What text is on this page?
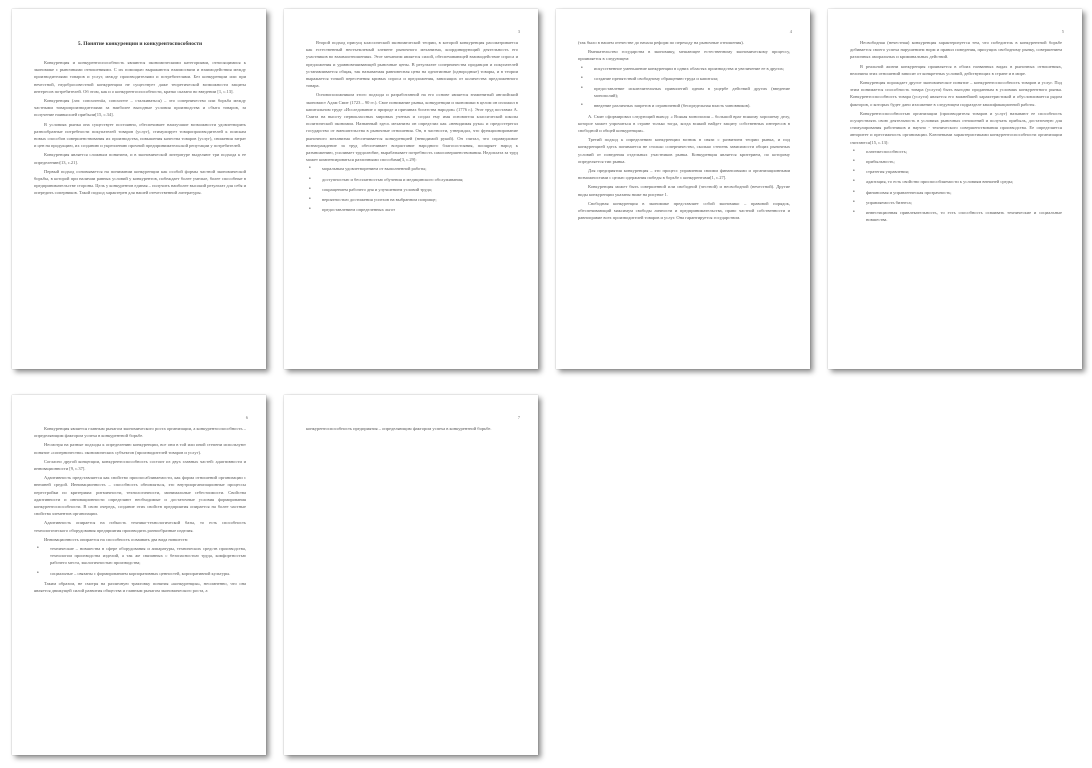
5. Понятие конкуренции и конкурентоспособности

Конкуренция и конкурентоспособность являются экономическими категориями, относящимися к экономике с рыночными отношениями. С их помощью выражаются взаимосвязи и взаимодействия между производителями товаров и услуг, между производителями и потребителями. Без конкуренции или при нечестной, недобросовестной конкуренции не существует даже теоретической возможности защиты интересов потребителей. Об этом, как и о конкурентоспособности, кратко сказано во введении [1, с.13].

Конкуренция (лат. concurrentia, concurrere – сталкиваться) – это соперничество или борьба между частными товаропроизводителями за наиболее выгодные условия производства и сбыта товаров, за получение наивысшей прибыли[15, с.34].

В условиях рынка она существует постоянно, обеспечивает наилучшие возможности удовлетворить разнообразные потребности покупателей товаров (услуг), стимулирует товаропроизводителей к поискам новых способов совершенствования их производства, повышения качества товаров (услуг), снижения затрат и цен на продукцию, их созданию и укреплению прочной предпринимательской репутации у потребителей.

Конкуренция является сложным понятием, и в экономической литературе выделяют три подхода к ее определению[13, с.21].

Первый подход основывается на понимании конкуренции как особой формы частной экономической борьбы, в которой при наличии равных условий у конкурентов, побеждает более умелые, более способные в предпринимательстве стороны. Цель у конкурентов единая – получить наиболее высокий результат для себя и опередить соперников. Такой подход характерен для нашей отечественной литературы.

3

Второй подход присущ классической экономической теории, в которой конкуренция рассматривается как естественный неотъемлемый элемент рыночного механизма, координирующий деятельность его участников во взаимоотношениях. Этот механизм является силой, обеспечивающей взаимодействие спроса и предложения и уравновешивающей рыночные цены. В результате соперничества продавцов и покупателей устанавливается общая, так называемая равновесная цена на однотипные (однородные) товары, и в теории выражается точкой пересечения кривых спроса и предложения, зависящих от количества предложенного товара.

Основоположником этого подхода и разработанной на его основе является знаменитый английский экономист Адам Смит (1723 – 90 гг.). Свое понимание рынка, конкуренции и экономики в целом он изложил в капитальном труде «Исследование о природе и причинах богатства народов» (1776 г.). Этот труд поставил А. Смита на высоту первоклассных мировых ученых и создал ему имя основателя классической школы политической экономии. Названный здесь механизм он определил как «невидимая рука» и предостерегал государство от вмешательства в рыночные отношения. Он, в частности, утверждал, что функционирование рыночного механизма обеспечивается конкуренцией (невидимой рукой). Он считал, что справедливое вознаграждение за труд обеспечивает возрастание народного благосостояния, поощряет народ к размножению, усиливает трудолюбие, вырабатывает потребность самосовершенствования. Недоплата за труд может компенсироваться различными способами[3, с.29]:

• моральным удовлетворением от выполненной работы;
• доступностью и бесплатностью обучения и медицинского обслуживания;
• сокращением рабочего дня и улучшением условий труда;
• вероятностью достижения успехов на выбранном поприще;
• предоставлением определенных льгот
4

(так было в нашем отечестве до начала реформ по переходу на рыночные отношения).

Вмешательство государства в экономику, мешающее естественному экономическому процессу, проявляется в следующем:

• искусственное уменьшение конкуренции в одних областях производства и увеличение ее в других;
• создание препятствий свободному обращению труда и капитала;
• предоставление исключительных привилегий одним в ущербе действий других (введение монополий);
• введение различных запретов и ограничений (беспредельная власть чиновников).

А. Смит сформировал следующий вывод: « Всякая монополия – большой враг всякому хорошему делу, которое может упрочиться в стране только тогда, когда всякий найдет защиту собственных интересов в свободной и общей конкуренции».

Третий подход к определению конкуренции возник в связи с развитием теории рынка, и под конкуренцией здесь понимается не столько соперничество, сколько степень зависимости общих рыночных условий от поведения отдельных участников рынка. Конкуренция является критерием, по которому определяется тип рынка.

Для предприятия конкуренция – это процесс управления своими финансовыми и организационными возможностями с целью одержания победы в борьбе с конкурентами[1, с.27].

Конкуренция может быть совершенной или свободной (честной) и несвободной (нечестной). Другие виды конкуренции указаны ниже на рисунке 1.

Свободная конкуренция в экономике представляет собой экономико – правовой порядок, обеспечивающий максимум свободы личности и предпринимательства, право частной собственности и равноправие всех производителей товаров и услуг. Она гарантируется государством.

5

Несвободная (нечестная) конкуренция характеризуется тем, что победитель в конкурентной борьбе добивается своего успеха нарушением норм и правил поведения, присущих свободному рынку, совершением различных аморальных и криминальных действий.

В реальной жизни конкуренция проявляется в обоих названных видах в рыночных отношениях, величина этих отношений зависит от конкретных условий, действующих в стране и в мире.

Конкуренция порождает другое экономическое понятие – конкурентоспособность товаров и услуг. Под этим понимается способность товара (услуги) быть выгодно проданным в условиях конкурентного рынка. Конкурентоспособность товара (услуги) является его важнейшей характеристикой и обусловливается рядом факторов, о которых будет дано изложение в следующем подразделе квалификационной работы.

Конкурентоспособностью организации (производителя товаров и услуг) называют ее способность осуществлять свою деятельность в условиях рыночных отношений и получать прибыль, достаточную для стимулирования работников и научно - технического совершенствования производства. Ее определяется авторитет и престижность организации. Ключевыми характеристиками конкурентоспособности организации считаются[15, с.13]:

• платежеспособность;
• прибыльность;
• стратегия управления;
• адаптация, то есть свойство приспособляемости к условиям внешней среды;
• финансовая и управленческая прозрачность;
• управляемость бизнеса;
• инвестиционная привлекательность, то есть способность осваивать технические и социальные новшества.
6

Конкуренция является главным рычагом экономического роста организации, а конкурентоспособность – определяющим фактором успеха в конкурентной борьбе.

Несмотря на разные подходы к определению конкуренции, все они в той или иной степени используют понятие «соперничество» экономических субъектов (производителей товаров и услуг).

Согласно другой концепции, конкурентоспособность состоит из двух главных частей: адаптивности и инновационности [9, с.37].

Адаптивность представляется как свойство приспосабливаемости, как форма отношений организации с внешней средой. Инновационность – способность обновляться, это внутриорганизационные процессы перестройки по критериям: ритмичности, технологичности, минимальные себестоимости. Свойства адаптивности и инновационности определяют необходимые и достаточные условия формирования конкурентоспособности. В свою очередь, создание этих свойств предприятия опирается на более частные свойства элементов организации.

Адаптивность опирается на гибкость технико-технологической базы, то есть способность технологического оборудования предприятия производить разнообразные изделия.

Инновационность опирается на способность осваивать два вида новшеств:

• технические – новшества в сфере оборудования и аппаратуры, технических средств производства, технологии производства изделий, а так же связанных с безопасностью труда, комфортностью рабочего места, экологичностью производства;
• социальные – связаны с формированием корпоративных ценностей, корпоративной культуры.

Таким образом, не смотря на различную трактовку понятия «конкуренция», несомненно, что она является движущей силой развития общества и главным рычагом экономического роста, а

7

конкурентоспособность предприятия – определяющим фактором успеха в конкурентной борьбе.
